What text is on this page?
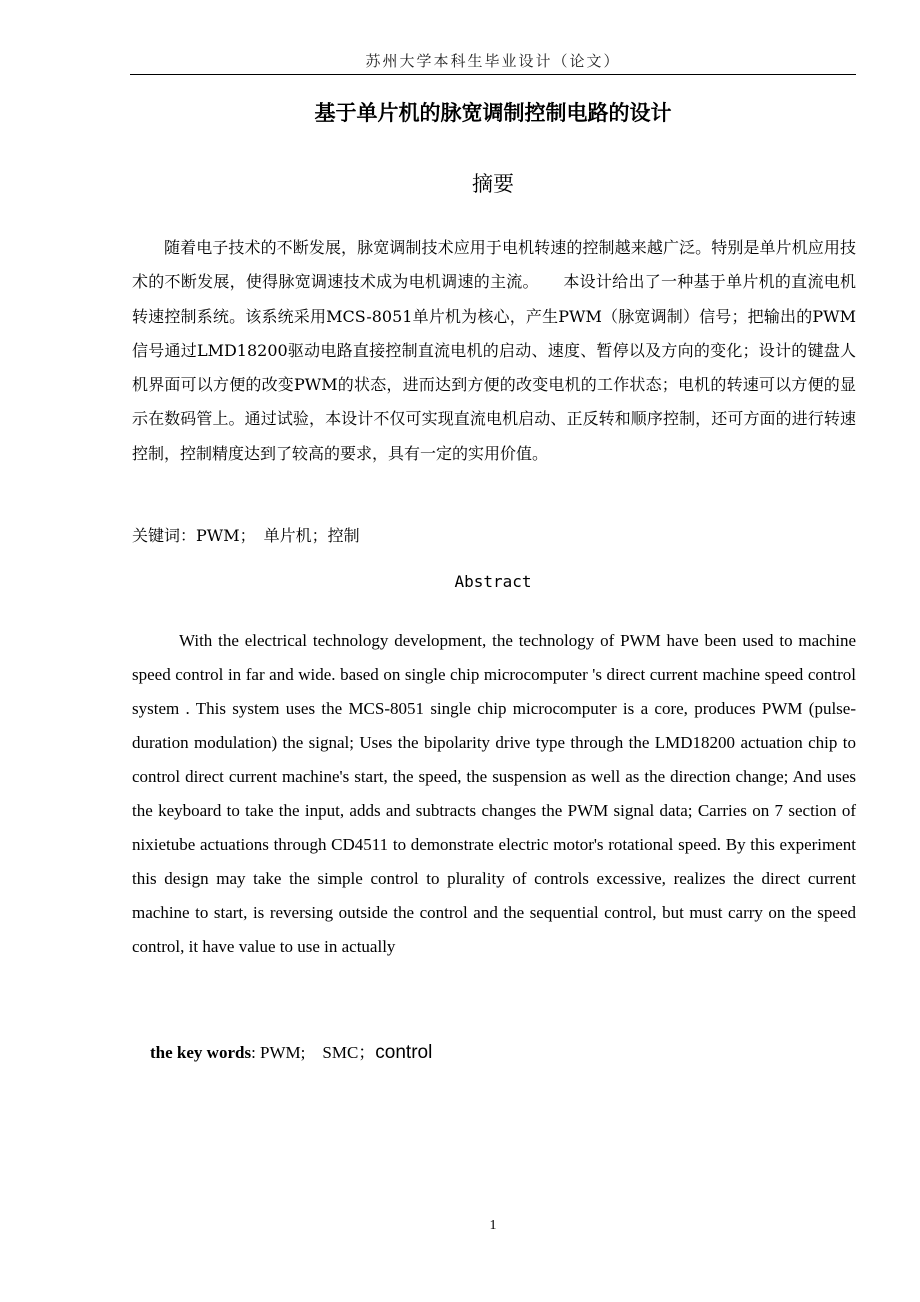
苏州大学本科生毕业设计（论文）
基于单片机的脉宽调制控制电路的设计
摘要

随着电子技术的不断发展，脉宽调制技术应用于电机转速的控制越来越广泛。特别是单片机应用技术的不断发展，使得脉宽调速技术成为电机调速的主流。　　本设计给出了一种基于单片机的直流电机转速控制系统。该系统采用MCS-8051单片机为核心，产生PWM（脉宽调制）信号；把输出的PWM信号通过LMD18200驱动电路直接控制直流电机的启动、速度、暂停以及方向的变化；设计的键盘人机界面可以方便的改变PWM的状态，进而达到方便的改变电机的工作状态；电机的转速可以方便的显示在数码管上。通过试验，本设计不仅可实现直流电机启动、正反转和顺序控制，还可方面的进行转速控制，控制精度达到了较高的要求，具有一定的实用价值。

关键词：PWM；　单片机；控制
Abstract

With the electrical technology development, the technology of PWM have been used to machine speed control in far and wide. based on single chip microcomputer 's direct current machine speed control system . This system uses the MCS-8051 single chip microcomputer is a core, produces PWM (pulse-duration modulation) the signal; Uses the bipolarity drive type through the LMD18200 actuation chip to control direct current machine's start, the speed, the suspension as well as the direction change; And uses the keyboard to take the input, adds and subtracts changes the PWM signal data; Carries on 7 section of nixietube actuations through CD4511 to demonstrate electric motor's rotational speed. By this experiment this design may take the simple control to plurality of controls excessive, realizes the direct current machine to start, is reversing outside the control and the sequential control, but must carry on the speed control, it have value to use in actually

the key words: PWM;　SMC；control
1
